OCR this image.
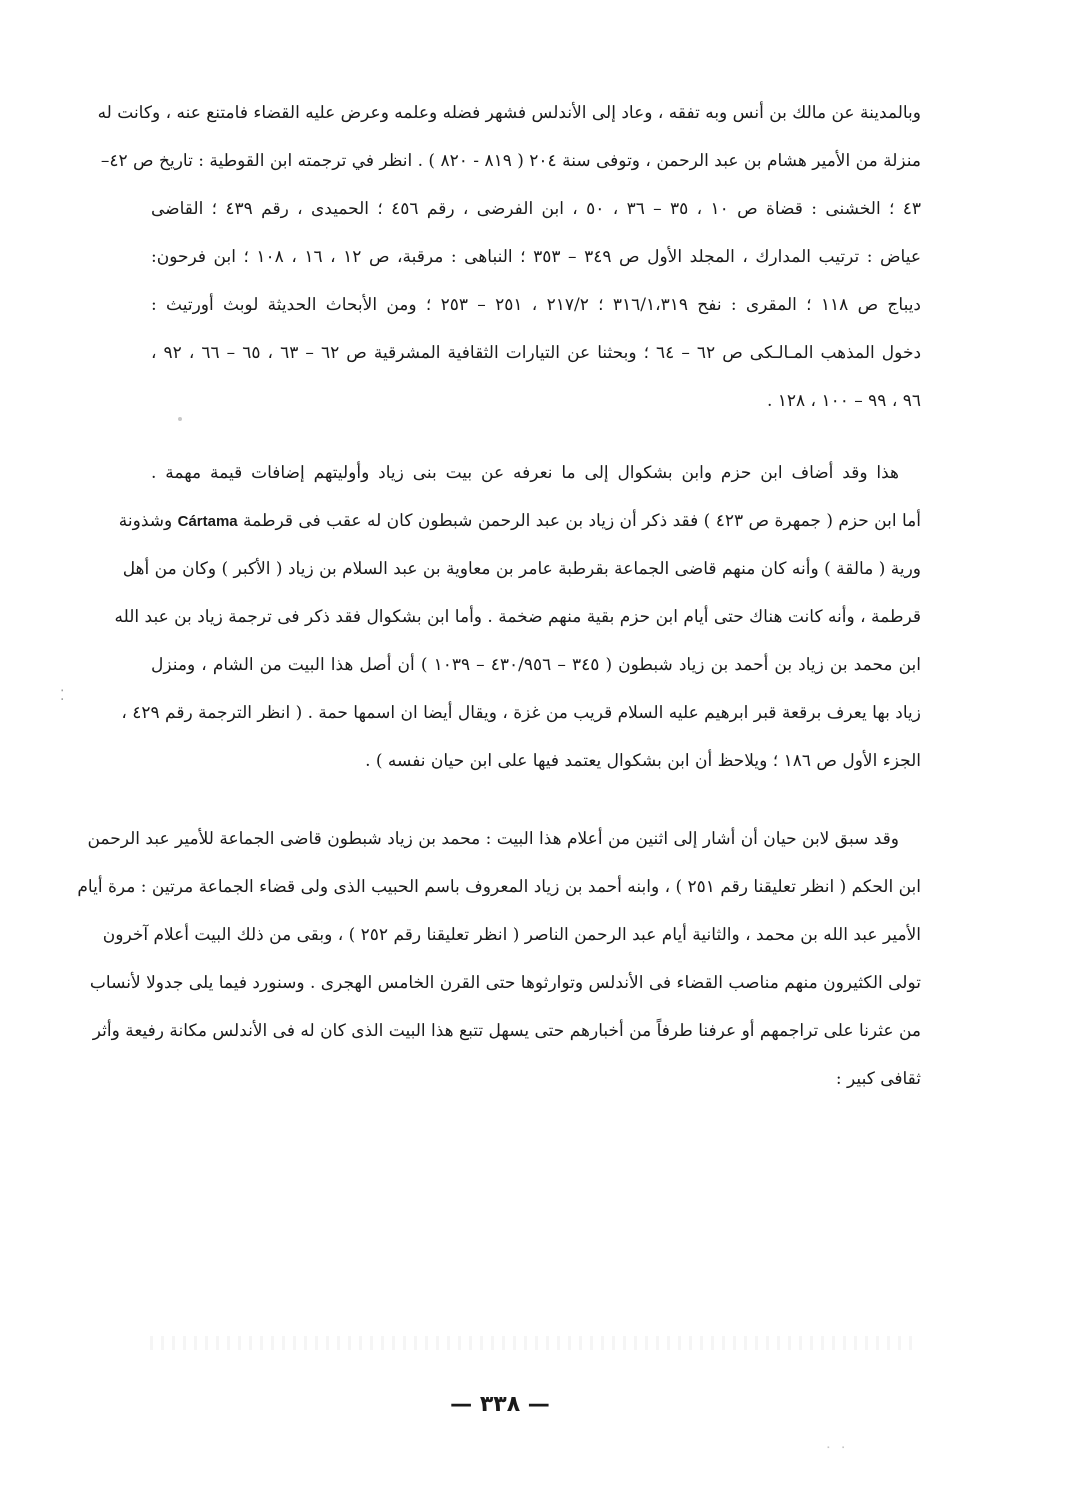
وبالمدينة عن مالك بن أنس وبه تفقه ، وعاد إلى الأندلس فشهر فضله وعلمه وعرض عليه القضاء فامتنع عنه ، وكانت له
منزلة من الأمير هشام بن عبد الرحمن ، وتوفى سنة ٢٠٤ ( ٨١٩ - ٨٢٠ ) . انظر في ترجمته ابن القوطية : تاريخ ص ٤٢–
٤٣ ؛ الخشنى : قضاة ص ١٠ ، ٣٥ – ٣٦ ، ٥٠ ، ابن الفرضى ، رقم ٤٥٦ ؛ الحميدى ، رقم ٤٣٩ ؛ القاضى
عياض : ترتيب المدارك ، المجلد الأول ص ٣٤٩ – ٣٥٣ ؛ النباهى : مرقبة، ص ١٢ ، ١٦ ، ١٠٨ ؛ ابن فرحون:
ديباج ص ١١٨ ؛ المقرى : نفح ٣١٦/١،٣١٩ ؛ ٢١٧/٢ ، ٢٥١ – ٢٥٣ ؛ ومن الأبحاث الحديثة لوبث أورتيث :
دخول المذهب المـالـكى ص ٦٢ – ٦٤ ؛ وبحثنا عن التيارات الثقافية المشرقية ص ٦٢ – ٦٣ ، ٦٥ – ٦٦ ، ٩٢ ،
٩٦ ، ٩٩ – ١٠٠ ، ١٢٨ .
هذا وقد أضاف ابن حزم وابن بشكوال إلى ما نعرفه عن بيت بنى زياد وأوليتهم إضافات قيمة مهمة .
أما ابن حزم ( جمهرة ص ٤٢٣ ) فقد ذكر أن زياد بن عبد الرحمن شبطون كان له عقب فى قرطمة Cártama وشذونة
ورية ( مالقة ) وأنه كان منهم قاضى الجماعة بقرطبة عامر بن معاوية بن عبد السلام بن زياد ( الأكبر ) وكان من أهل
قرطمة ، وأنه كانت هناك حتى أيام ابن حزم بقية منهم ضخمة . وأما ابن بشكوال فقد ذكر فى ترجمة زياد بن عبد الله
ابن محمد بن زياد بن أحمد بن زياد شبطون ( ٣٤٥ – ٤٣٠/٩٥٦ – ١٠٣٩ ) أن أصل هذا البيت من الشام ، ومنزل
زياد بها يعرف برقعة قبر ابرهيم عليه السلام قريب من غزة ، ويقال أيضا ان اسمها حمة . ( انظر الترجمة رقم ٤٢٩ ،
الجزء الأول ص ١٨٦ ؛ ويلاحظ أن ابن بشكوال يعتمد فيها على ابن حيان نفسه ) .
⁚
وقد سبق لابن حيان أن أشار إلى اثنين من أعلام هذا البيت : محمد بن زياد شبطون قاضى الجماعة للأمير عبد الرحمن
ابن الحكم ( انظر تعليقنا رقم ٢٥١ ) ، وابنه أحمد بن زياد المعروف باسم الحبيب الذى ولى قضاء الجماعة مرتين : مرة أيام
الأمير عبد الله بن محمد ، والثانية أيام عبد الرحمن الناصر ( انظر تعليقنا رقم ٢٥٢ ) ، وبقى من ذلك البيت أعلام آخرون
تولى الكثيرون منهم مناصب القضاء فى الأندلس وتوارثوها حتى القرن الخامس الهجرى . وسنورد فيما يلى جدولا لأنساب
من عثرنا على تراجمهم أو عرفنا طرفاً من أخبارهم حتى يسهل تتبع هذا البيت الذى كان له فى الأندلس مكانة رفيعة وأثر
ثقافى كبير :
— ٣٣٨ —
⠂ ⠐
